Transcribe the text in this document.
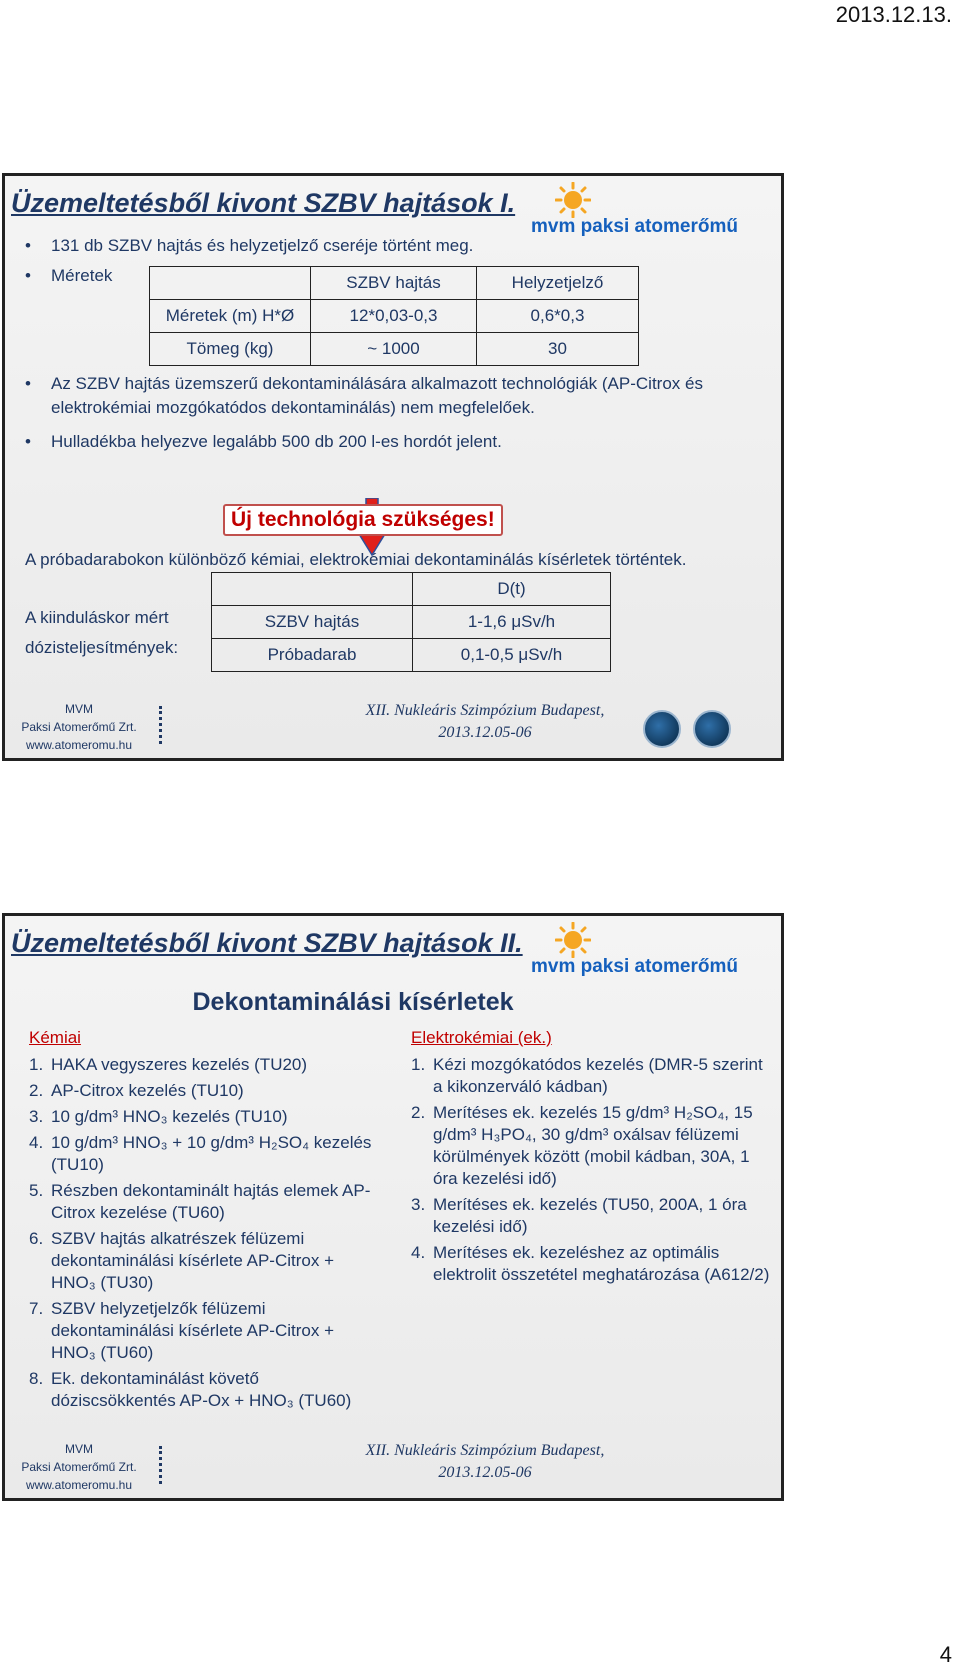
2013.12.13.
Üzemeltetésből kivont SZBV hajtások I.
mvm paksi atomerőmű
• 131 db SZBV hajtás és helyzetjelző cseréje történt meg.
• Méretek
		SZBV hajtás	Helyzetjelző
Méretek (m) H*Ø	12*0,03-0,3	0,6*0,3
Tömeg (kg)	~ 1000	30
• Az SZBV hajtás üzemszerű dekontaminálására alkalmazott technológiák (AP-Citrox és elektrokémiai mozgókatódos dekontaminálás) nem megfelelőek.
• Hulladékba helyezve legalább 500 db 200 l-es hordót jelent.
Új technológia szükséges!
A próbadarabokon különböző kémiai, elektrokémiai dekontaminálás kísérletek történtek.
A kiinduláskor mért
dózisteljesítmények:
	D(t)
SZBV hajtás	1-1,6 μSv/h
Próbadarab	0,1-0,5 μSv/h
MVM
Paksi Atomerőmű Zrt.
www.atomeromu.hu
XII. Nukleáris Szimpózium Budapest,
2013.12.05-06
Üzemeltetésből kivont SZBV hajtások II.
mvm paksi atomerőmű
Dekontaminálási kísérletek
Kémiai	Elektrokémiai (ek.)
1. HAKA vegyszeres kezelés (TU20)
2. AP-Citrox kezelés (TU10)
3. 10 g/dm³ HNO₃ kezelés (TU10)
4. 10 g/dm³ HNO₃ + 10 g/dm³ H₂SO₄ kezelés (TU10)
5. Részben dekontaminált hajtás elemek AP-Citrox kezelése (TU60)
6. SZBV hajtás alkatrészek félüzemi dekontaminálási kísérlete AP-Citrox + HNO₃ (TU30)
7. SZBV helyzetjelzők félüzemi dekontaminálási kísérlete AP-Citrox + HNO₃ (TU60)
8. Ek. dekontaminálást követő dóziscsökkentés AP-Ox + HNO₃ (TU60)
1. Kézi mozgókatódos kezelés (DMR-5 szerint a kikonzerváló kádban)
2. Merítéses ek. kezelés 15 g/dm³ H₂SO₄, 15 g/dm³ H₃PO₄, 30 g/dm³ oxálsav félüzemi körülmények között (mobil kádban, 30A, 1 óra kezelési idő)
3. Merítéses ek. kezelés (TU50, 200A, 1 óra kezelési idő)
4. Merítéses ek. kezeléshez az optimális elektrolit összetétel meghatározása (A612/2)
MVM
Paksi Atomerőmű Zrt.
www.atomeromu.hu
XII. Nukleáris Szimpózium Budapest,
2013.12.05-06
4
